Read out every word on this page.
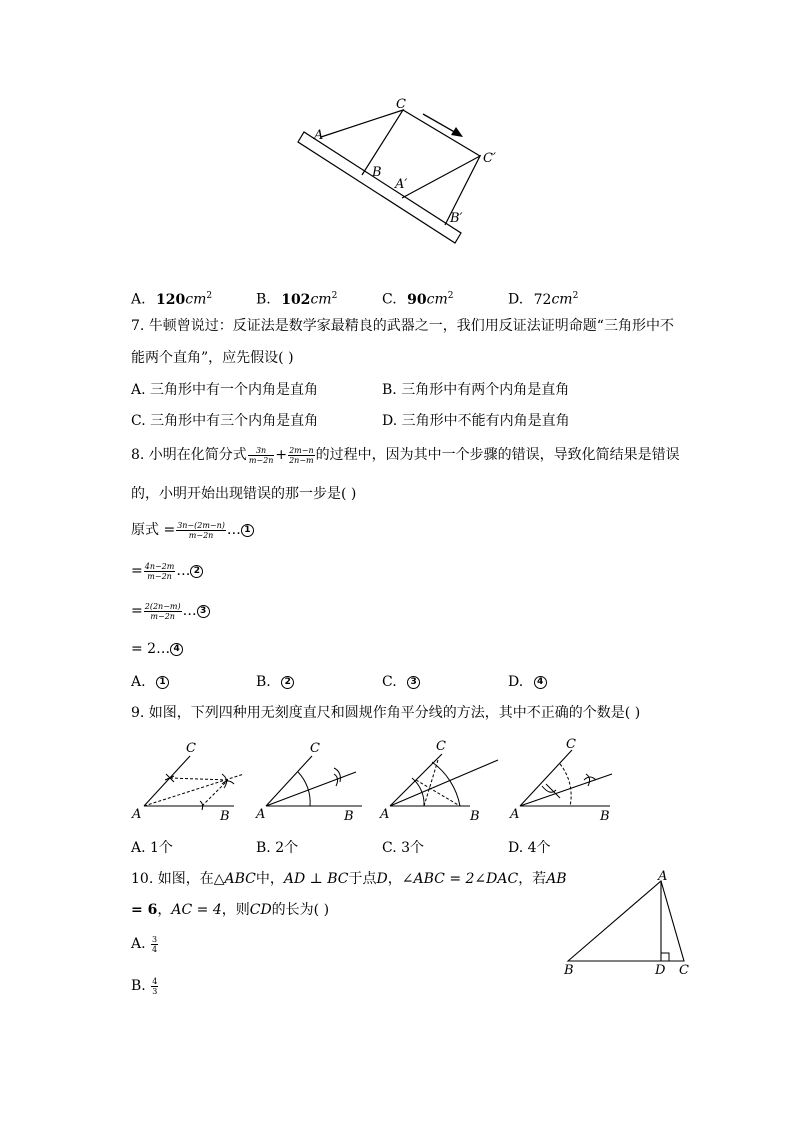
A
C
B
A′
C′
B′
A. $120cm^2$	B. $102cm^2$	C. $90cm^2$	D. $72cm^2$
7. 牛顿曾说过：反证法是数学家最精良的武器之一，我们用反证法证明命题“三角形中不
能两个直角”，应先假设( )
A. 三角形中有一个内角是直角	B. 三角形中有两个内角是直角
C. 三角形中有三个内角是直角	D. 三角形中不能有内角是直角
8. 小明在化简分式 $\frac{3n}{m-2n} + \frac{2m-n}{2n-m}$ 的过程中，因为其中一个步骤的错误，导致化简结果是错误
的，小明开始出现错误的那一步是( )
原式 = $\frac{3n-(2m-n)}{m-2n}$ … 1
= $\frac{4n-2m}{m-2n}$ … 2
= $\frac{2(2n-m)}{m-2n}$ … 3
= 2… 4
A. 1	B. 2	C. 3	D. 4
9. 如图，下列四种用无刻度直尺和圆规作角平分线的方法，其中不正确的个数是( )
A	B
C
A	B
C
A	B
C
A	B
C
A. 1个	B. 2个	C. 3个	D. 4个
10. 如图，在△ABC中，AD ⊥ BC于点D，∠ABC = 2∠DAC，若AB
= 6，AC = 4，则CD的长为( )
A. $\frac{3}{4}$
B. $\frac{4}{3}$
A
B	D C
